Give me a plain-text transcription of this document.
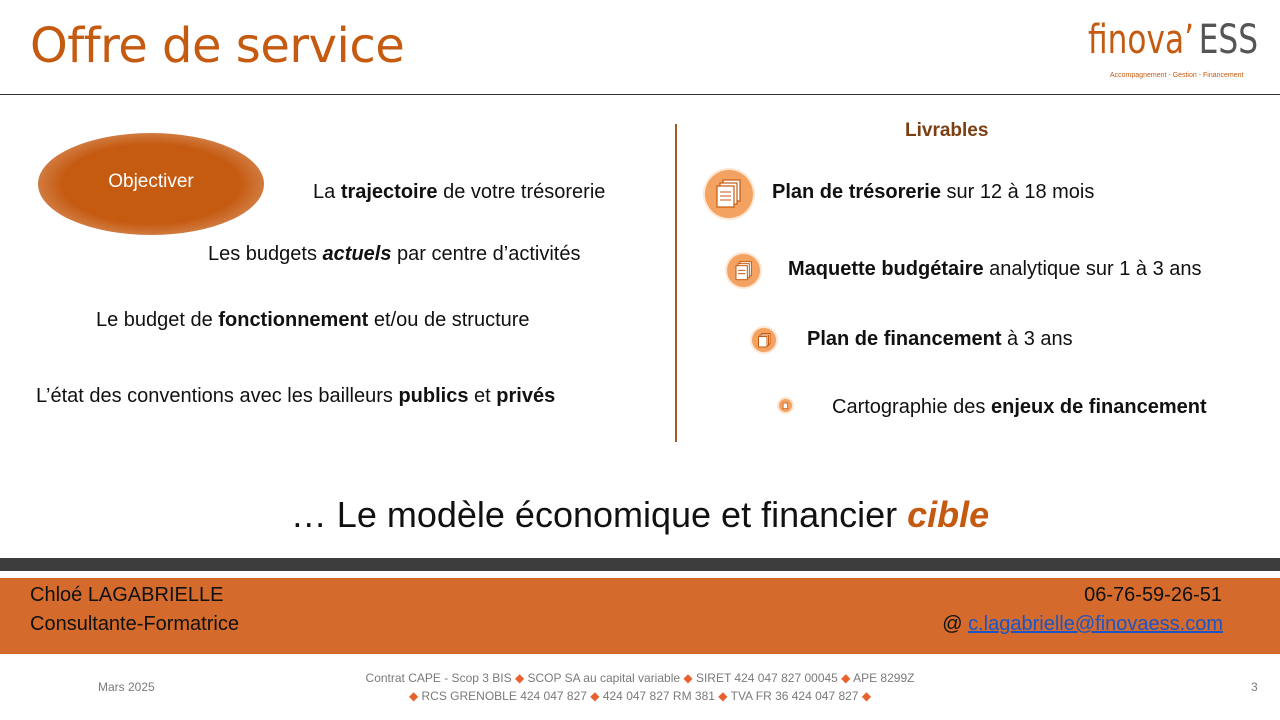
Offre de service	finova’ ESS
Accompagnement - Gestion - Financement
Objectiver	La trajectoire de votre trésorerie
Les budgets actuels par centre d’activités
Le budget de fonctionnement et/ou de structure
L’état des conventions avec les bailleurs publics et privés
Livrables
Plan de trésorerie sur 12 à 18 mois
Maquette budgétaire analytique sur 1 à 3 ans
Plan de financement à 3 ans
Cartographie des enjeux de financement
… Le modèle économique et financier cible
Chloé LAGABRIELLE
Consultante-Formatrice
06-76-59-26-51
@ c.lagabrielle@finovaess.com
Mars 2025
Contrat CAPE - Scop 3 BIS ◆ SCOP SA au capital variable ◆ SIRET 424 047 827 00045 ◆ APE 8299Z
◆ RCS GRENOBLE 424 047 827 ◆ 424 047 827 RM 381 ◆ TVA FR 36 424 047 827 ◆
3
